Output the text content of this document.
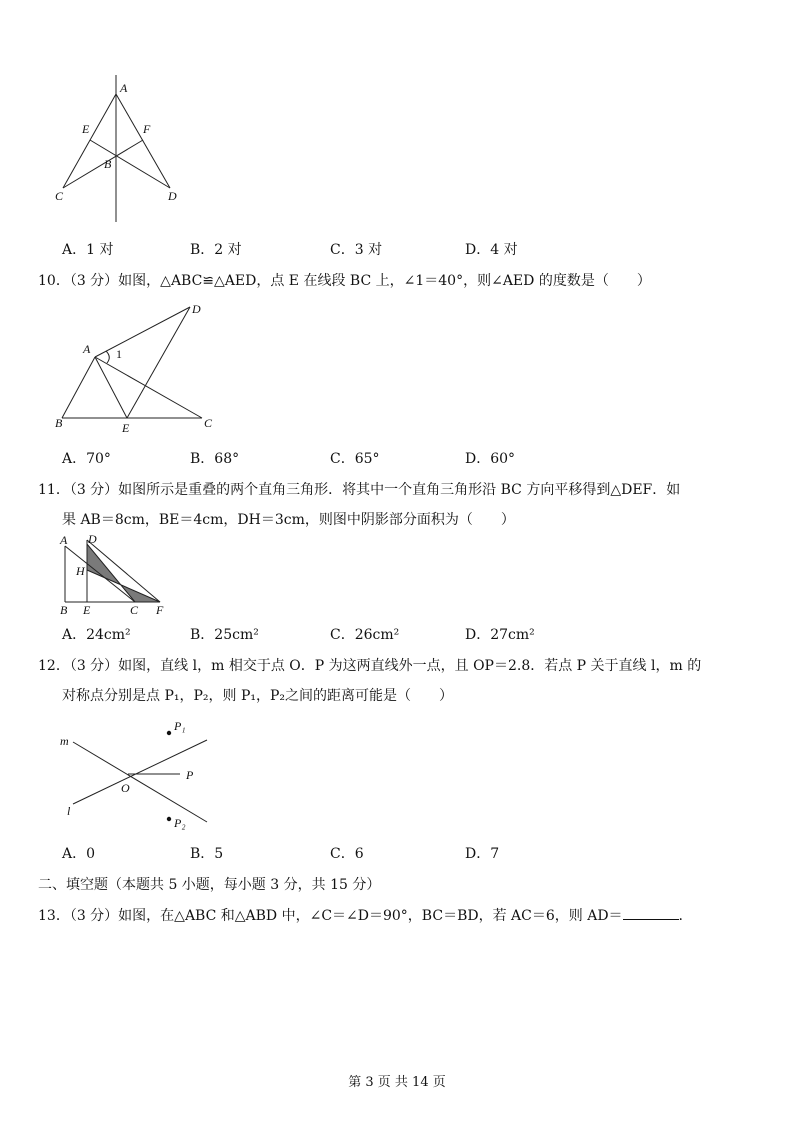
A
E	F
B
C	D
A．1 对	B．2 对	C．3 对	D．4 对
10．（3 分）如图，△ABC≌△AED，点 E 在线段 BC 上，∠1＝40°，则∠AED 的度数是（　　）
A 1
B	E	C
D
A．70°	B．68°	C．65°	D．60°
11．（3 分）如图所示是重叠的两个直角三角形．将其中一个直角三角形沿 BC 方向平移得到△DEF．如
果 AB＝8cm，BE＝4cm，DH＝3cm，则图中阴影部分面积为（　　）
A D
H
B E	C F
A．24cm²	B．25cm²	C．26cm²	D．27cm²
12．（3 分）如图，直线 l，m 相交于点 O．P 为这两直线外一点，且 OP＝2.8．若点 P 关于直线 l，m 的
对称点分别是点 P₁，P₂，则 P₁，P₂之间的距离可能是（　　）
m
l
O
P
P₁
P₂
A．0	B．5	C．6	D．7
二、填空题（本题共 5 小题，每小题 3 分，共 15 分）
13．（3 分）如图，在△ABC 和△ABD 中，∠C＝∠D＝90°，BC＝BD，若 AC＝6，则 AD＝	.
第 3 页 共 14 页
